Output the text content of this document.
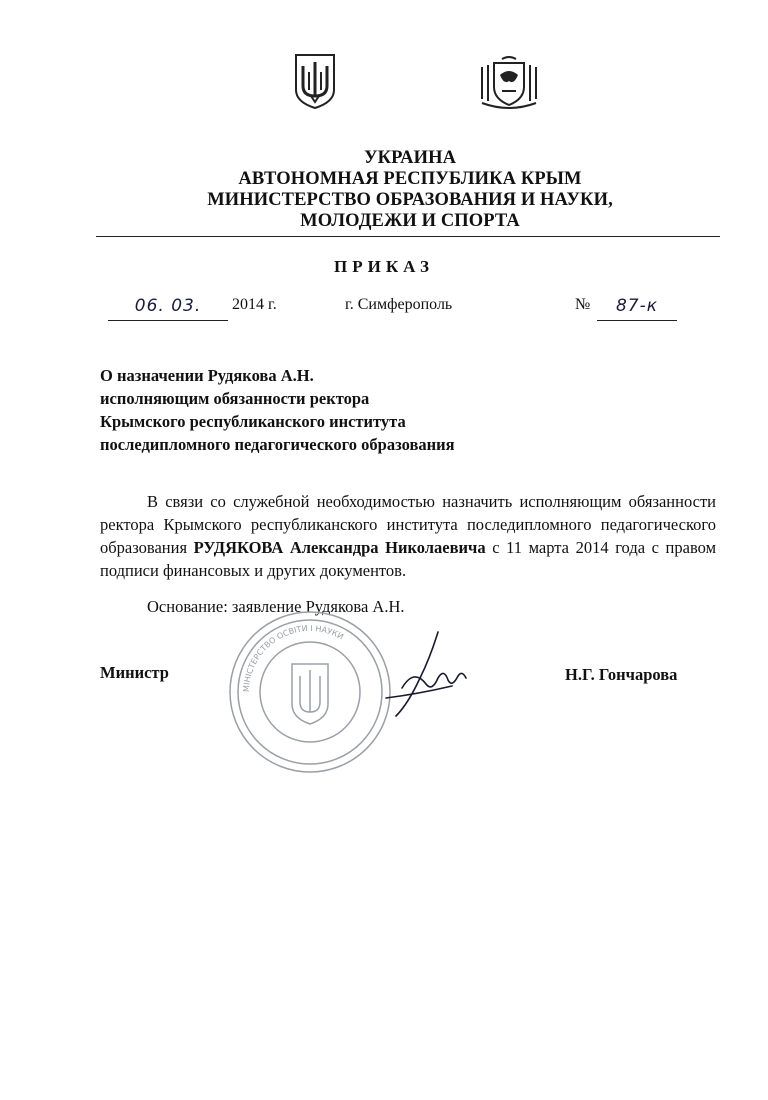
УКРАИНА
АВТОНОМНАЯ РЕСПУБЛИКА КРЫМ
МИНИСТЕРСТВО ОБРАЗОВАНИЯ И НАУКИ,
МОЛОДЕЖИ И СПОРТА
ПРИКАЗ
06. 03.	2014 г.	г. Симферополь	№	87-к
О назначении Рудякова А.Н.
исполняющим обязанности ректора
Крымского республиканского института
последипломного педагогического образования

В связи со служебной необходимостью назначить исполняющим обязанности ректора Крымского республиканского института последипломного педагогического образования РУДЯКОВА Александра Николаевича с 11 марта 2014 года с правом подписи финансовых и других документов.

Основание: заявление Рудякова А.Н.
МІНІСТЕРСТВО ОСВІТИ І НАУКИ
Министр	Н.Г. Гончарова
